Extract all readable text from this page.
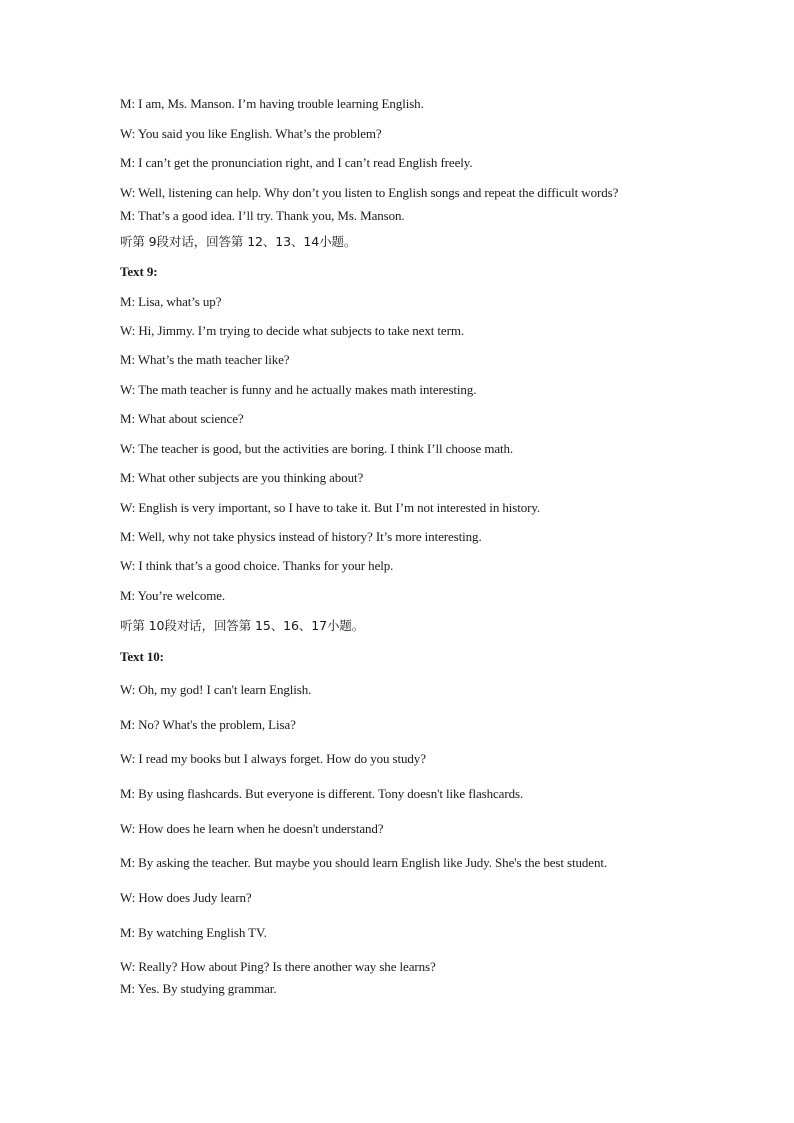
M: I am, Ms. Manson. I’m having trouble learning English.
W: You said you like English. What’s the problem?
M: I can’t get the pronunciation right, and I can’t read English freely.
W: Well, listening can help. Why don’t you listen to English songs and repeat the difficult words?
M: That’s a good idea. I’ll try. Thank you, Ms. Manson.
听第 9段对话，回答第 12、13、14小题。
Text 9:
M: Lisa, what’s up?
W: Hi, Jimmy. I’m trying to decide what subjects to take next term.
M: What’s the math teacher like?
W: The math teacher is funny and he actually makes math interesting.
M: What about science?
W: The teacher is good, but the activities are boring. I think I’ll choose math.
M: What other subjects are you thinking about?
W: English is very important, so I have to take it. But I’m not interested in history.
M: Well, why not take physics instead of history? It’s more interesting.
W: I think that’s a good choice. Thanks for your help.
M: You’re welcome.
听第 10段对话，回答第 15、16、17小题。
Text 10:
W: Oh, my god! I can't learn English.
M: No? What's the problem, Lisa?
W: I read my books but I always forget. How do you study?
M: By using flashcards. But everyone is different. Tony doesn't like flashcards.
W: How does he learn when he doesn't understand?
M: By asking the teacher. But maybe you should learn English like Judy. She's the best student.
W: How does Judy learn?
M: By watching English TV.
W: Really? How about Ping? Is there another way she learns?
M: Yes. By studying grammar.
